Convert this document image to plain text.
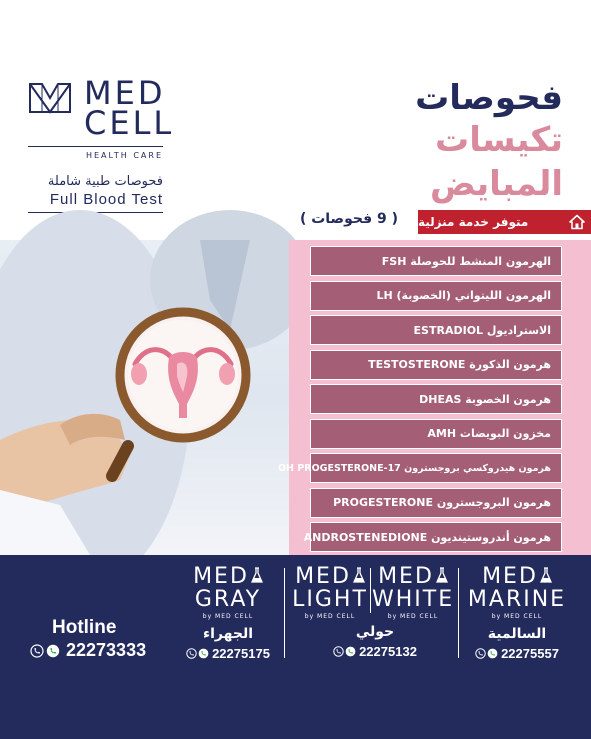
MED
CELL
HEALTH CARE
فحوصات طبية شاملة
Full Blood Test
فحوصات
تكيسات
المبايض
( 9 فحوصات )	متوفر خدمة منزلية
الهرمون المنشط للحوصلة FSH
الهرمون الليتواني (الخصوبة) LH
الاستراديول ESTRADIOL
هرمون الذكورة TESTOSTERONE
هرمون الخصوبة DHEAS
مخزون البويضات AMH
هرمون هيدروكسي بروجسترون 17-OH PROGESTERONE
هرمون البروجسترون PROGESTERONE
هرمون أندروستينديون ANDROSTENEDIONE
Hotline
22273333
MED
GRAY
by MED CELL
الجهراء
22275175
MED
LIGHT
by MED CELL
MED
WHITE
by MED CELL
حولي
22275132
MED
MARINE
by MED CELL
السالمية
22275557
